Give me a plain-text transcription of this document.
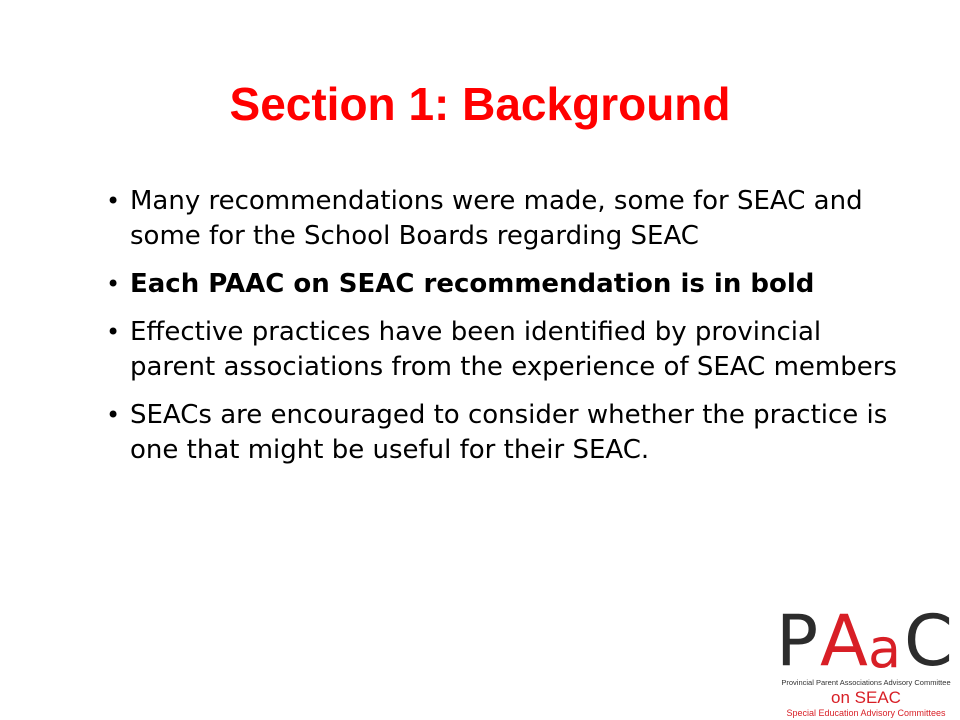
Section 1: Background
• Many recommendations were made, some for SEAC and some for the School Boards regarding SEAC
• Each PAAC on SEAC recommendation is in bold
• Effective practices have been identified by provincial parent associations from the experience of SEAC members
• SEACs are encouraged to consider whether the practice is one that might be useful for their SEAC.
P A a C
Provincial Parent Associations Advisory Committee
on SEAC
Special Education Advisory Committees
